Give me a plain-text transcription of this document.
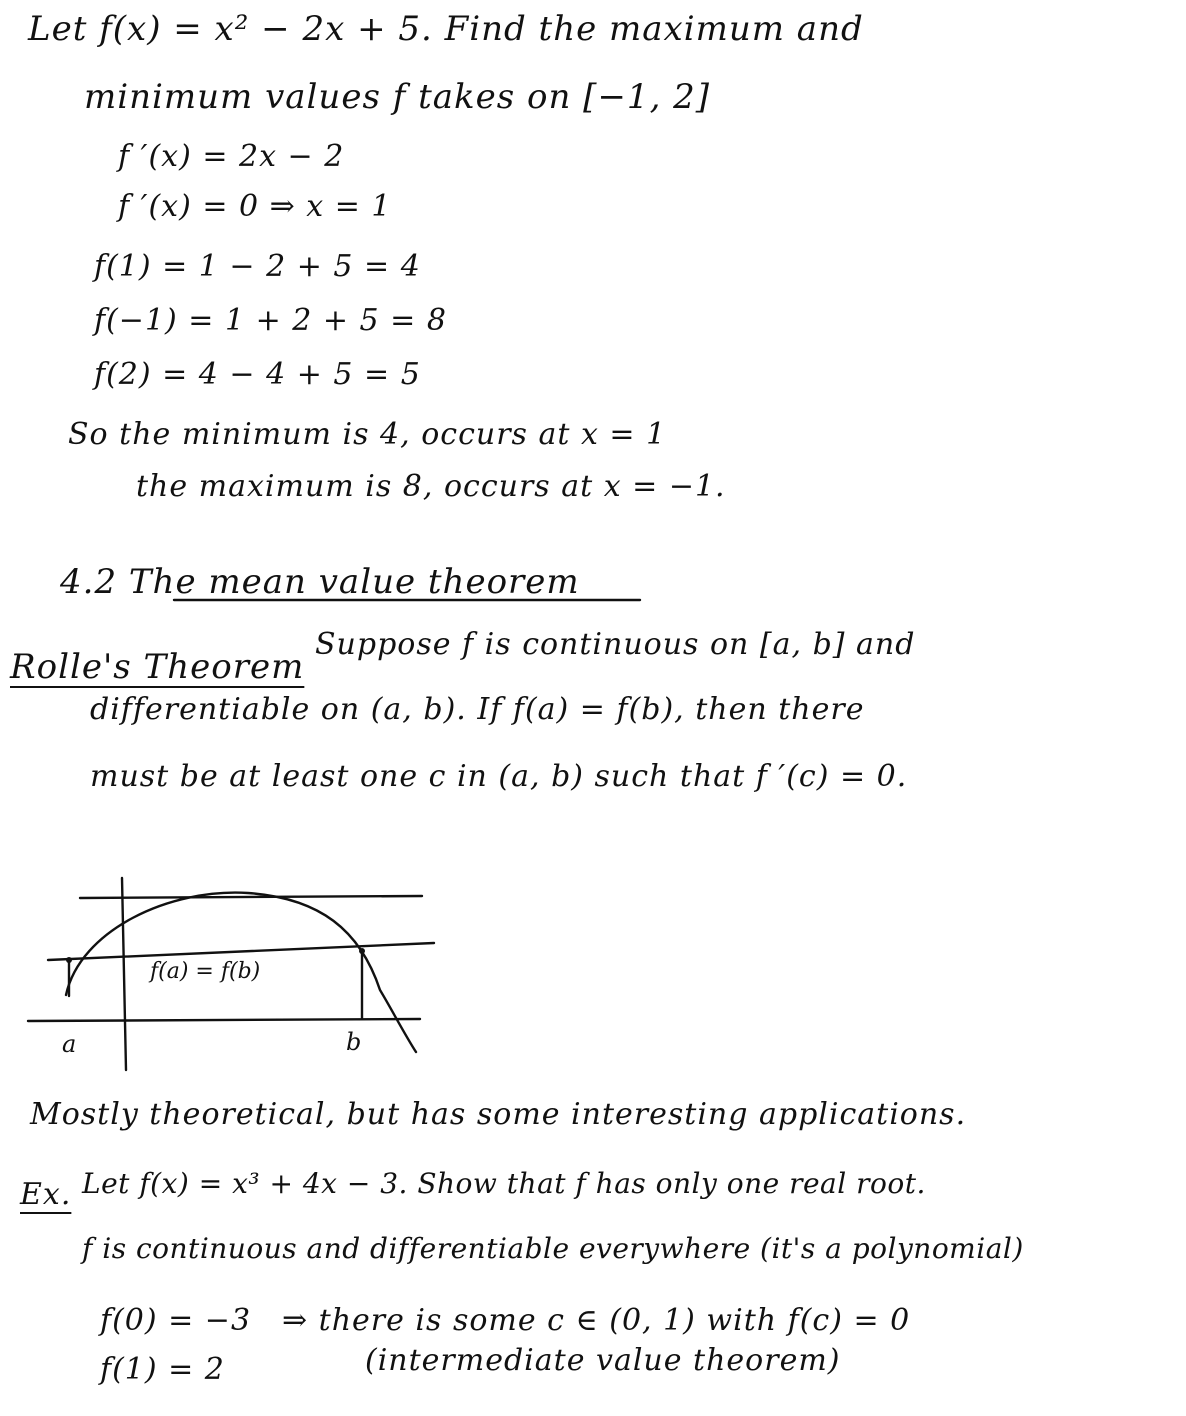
Let f(x) = x² − 2x + 5. Find the maximum and
minimum values f takes on [−1, 2]
f ′(x) = 2x − 2
f ′(x) = 0 ⇒ x = 1
f(1) = 1 − 2 + 5 = 4
f(−1) = 1 + 2 + 5 = 8
f(2) = 4 − 4 + 5 = 5
So the minimum is 4, occurs at x = 1
the maximum is 8, occurs at x = −1.
4.2 The mean value theorem
Rolle's Theorem
Suppose f is continuous on [a, b] and
differentiable on (a, b). If f(a) = f(b), then there
must be at least one c in (a, b) such that f ′(c) = 0.
f(a) = f(b)
a	b
Mostly theoretical, but has some interesting applications.
Ex. Let f(x) = x³ + 4x − 3. Show that f has only one real root.
f is continuous and differentiable everywhere (it's a polynomial)
f(0) = −3
f(1) = 2
⇒ there is some c ∈ (0, 1) with f(c) = 0
(intermediate value theorem)
